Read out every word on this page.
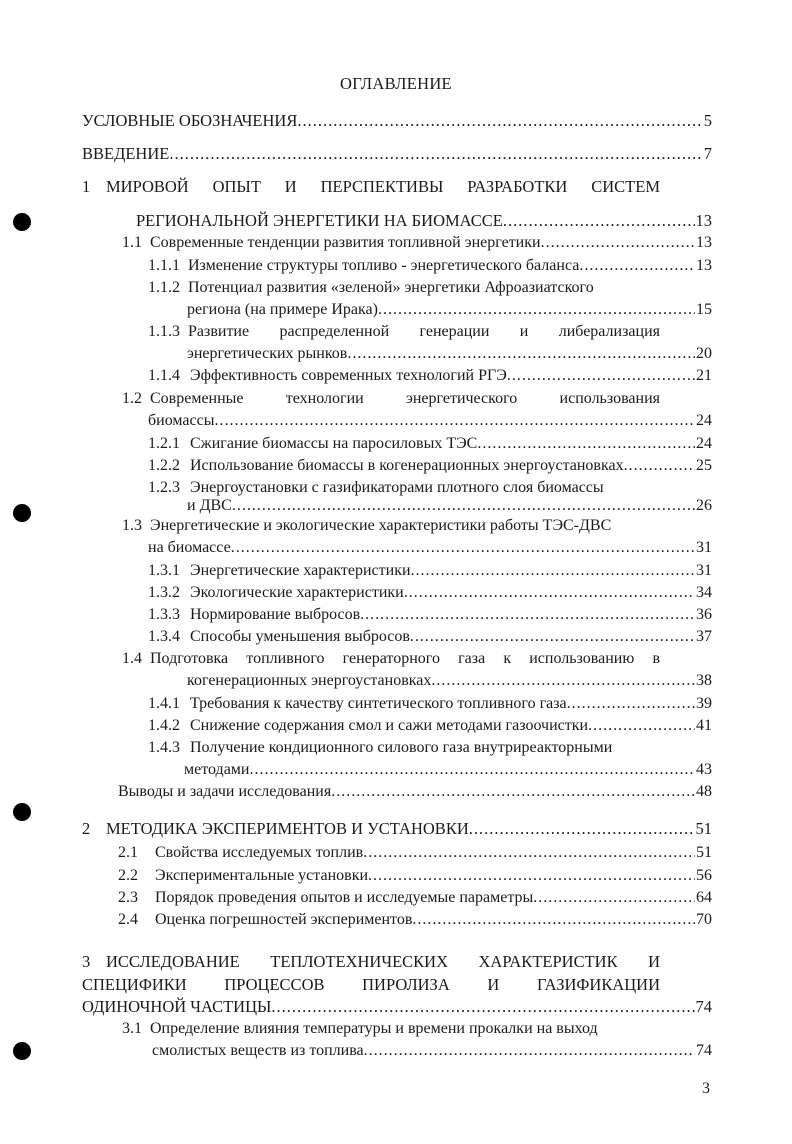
ОГЛАВЛЕНИЕ
УСЛОВНЫЕ ОБОЗНАЧЕНИЯ .....	5
ВВЕДЕНИЕ .....	7
1 МИРОВОЙ ОПЫТ И ПЕРСПЕКТИВЫ РАЗРАБОТКИ СИСТЕМ
РЕГИОНАЛЬНОЙ ЭНЕРГЕТИКИ НА БИОМАССЕ .....	13
1.1 Современные тенденции развития топливной энергетики .....	13
1.1.1 Изменение структуры топливо - энергетического баланса .....	13
1.1.2 Потенциал развития «зеленой» энергетики Афроазиатского
региона (на примере Ирака) .....	15
1.1.3 Развитие распределенной генерации и либерализация
энергетических рынков .....	20
1.1.4 Эффективность современных технологий РГЭ .....	21
1.2 Современные технологии энергетического использования
биомассы .....	24
1.2.1 Сжигание биомассы на паросиловых ТЭС .....	24
1.2.2 Использование биомассы в когенерационных энергоустановках .....	25
1.2.3 Энергоустановки с газификаторами плотного слоя биомассы
и ДВС .....	26
1.3 Энергетические и экологические характеристики работы ТЭС-ДВС
на биомассе .....	31
1.3.1 Энергетические характеристики .....	31
1.3.2 Экологические характеристики .....	34
1.3.3 Нормирование выбросов .....	36
1.3.4 Способы уменьшения выбросов .....	37
1.4 Подготовка топливного генераторного газа к использованию в
когенерационных энергоустановках .....	38
1.4.1 Требования к качеству синтетического топливного газа .....	39
1.4.2 Снижение содержания смол и сажи методами газоочистки .....	41
1.4.3 Получение кондиционного силового газа внутриреакторными
методами .....	43
Выводы и задачи исследования .....	48
2 МЕТОДИКА ЭКСПЕРИМЕНТОВ И УСТАНОВКИ .....	51
2.1 Свойства исследуемых топлив .....	51
2.2 Экспериментальные установки .....	56
2.3 Порядок проведения опытов и исследуемые параметры .....	64
2.4 Оценка погрешностей экспериментов .....	70
3 ИССЛЕДОВАНИЕ ТЕПЛОТЕХНИЧЕСКИХ ХАРАКТЕРИСТИК И
СПЕЦИФИКИ ПРОЦЕССОВ ПИРОЛИЗА И ГАЗИФИКАЦИИ
ОДИНОЧНОЙ ЧАСТИЦЫ .....	74
3.1 Определение влияния температуры и времени прокалки на выход
смолистых веществ из топлива .....	74
3
